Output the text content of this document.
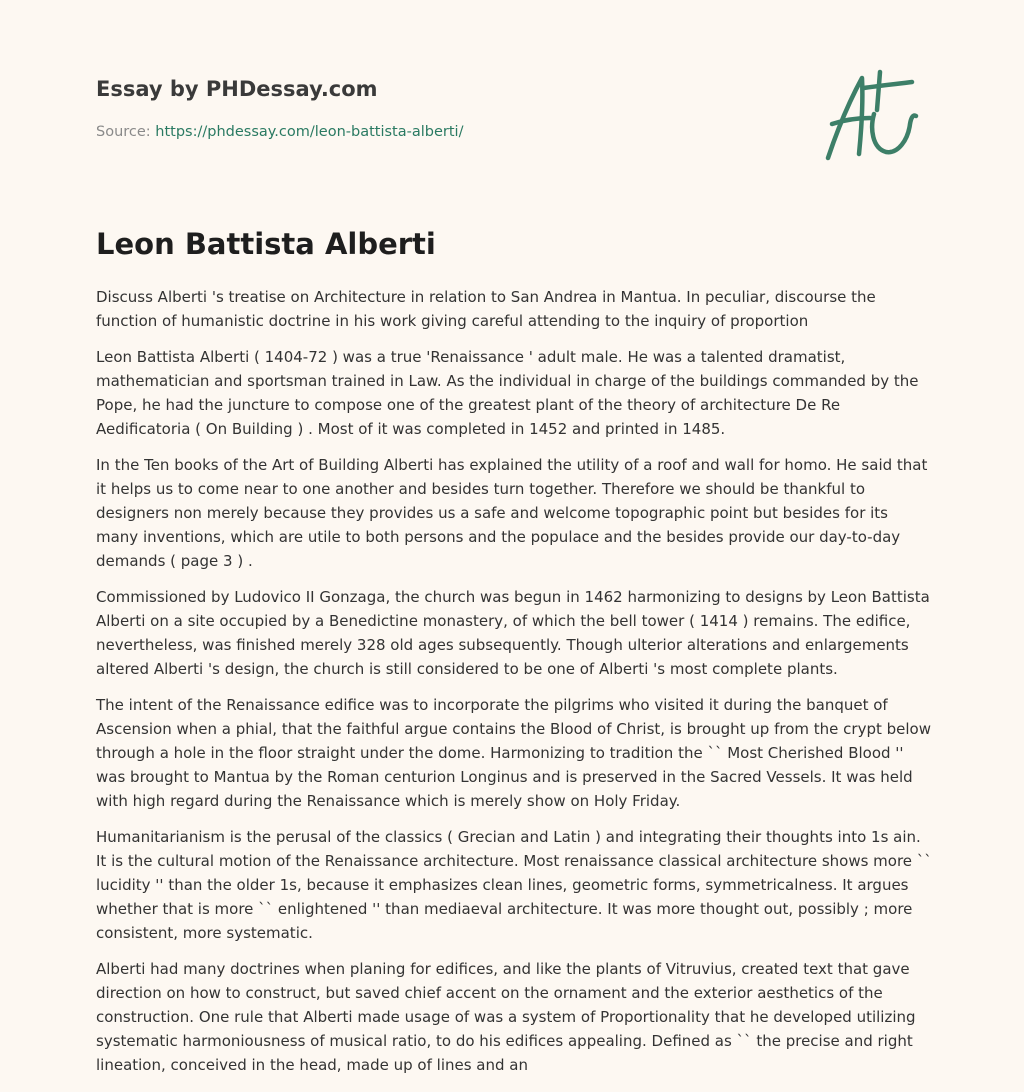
Essay by PHDessay.com
Source: https://phdessay.com/leon-battista-alberti/
Leon Battista Alberti

Discuss Alberti 's treatise on Architecture in relation to San Andrea in Mantua. In peculiar, discourse the function of humanistic doctrine in his work giving careful attending to the inquiry of proportion

Leon Battista Alberti ( 1404-72 ) was a true 'Renaissance ' adult male. He was a talented dramatist, mathematician and sportsman trained in Law. As the individual in charge of the buildings commanded by the Pope, he had the juncture to compose one of the greatest plant of the theory of architecture De Re Aedificatoria ( On Building ) . Most of it was completed in 1452 and printed in 1485.

In the Ten books of the Art of Building Alberti has explained the utility of a roof and wall for homo. He said that it helps us to come near to one another and besides turn together. Therefore we should be thankful to designers non merely because they provides us a safe and welcome topographic point but besides for its many inventions, which are utile to both persons and the populace and the besides provide our day-to-day demands ( page 3 ) .

Commissioned by Ludovico II Gonzaga, the church was begun in 1462 harmonizing to designs by Leon Battista Alberti on a site occupied by a Benedictine monastery, of which the bell tower ( 1414 ) remains. The edifice, nevertheless, was finished merely 328 old ages subsequently. Though ulterior alterations and enlargements altered Alberti 's design, the church is still considered to be one of Alberti 's most complete plants.

The intent of the Renaissance edifice was to incorporate the pilgrims who visited it during the banquet of Ascension when a phial, that the faithful argue contains the Blood of Christ, is brought up from the crypt below through a hole in the floor straight under the dome. Harmonizing to tradition the `` Most Cherished Blood '' was brought to Mantua by the Roman centurion Longinus and is preserved in the Sacred Vessels. It was held with high regard during the Renaissance which is merely show on Holy Friday.

Humanitarianism is the perusal of the classics ( Grecian and Latin ) and integrating their thoughts into 1s ain. It is the cultural motion of the Renaissance architecture. Most renaissance classical architecture shows more `` lucidity '' than the older 1s, because it emphasizes clean lines, geometric forms, symmetricalness. It argues whether that is more `` enlightened '' than mediaeval architecture. It was more thought out, possibly ; more consistent, more systematic.

Alberti had many doctrines when planing for edifices, and like the plants of Vitruvius, created text that gave direction on how to construct, but saved chief accent on the ornament and the exterior aesthetics of the construction. One rule that Alberti made usage of was a system of Proportionality that he developed utilizing systematic harmoniousness of musical ratio, to do his edifices appealing. Defined as `` the precise and right lineation, conceived in the head, made up of lines and an
